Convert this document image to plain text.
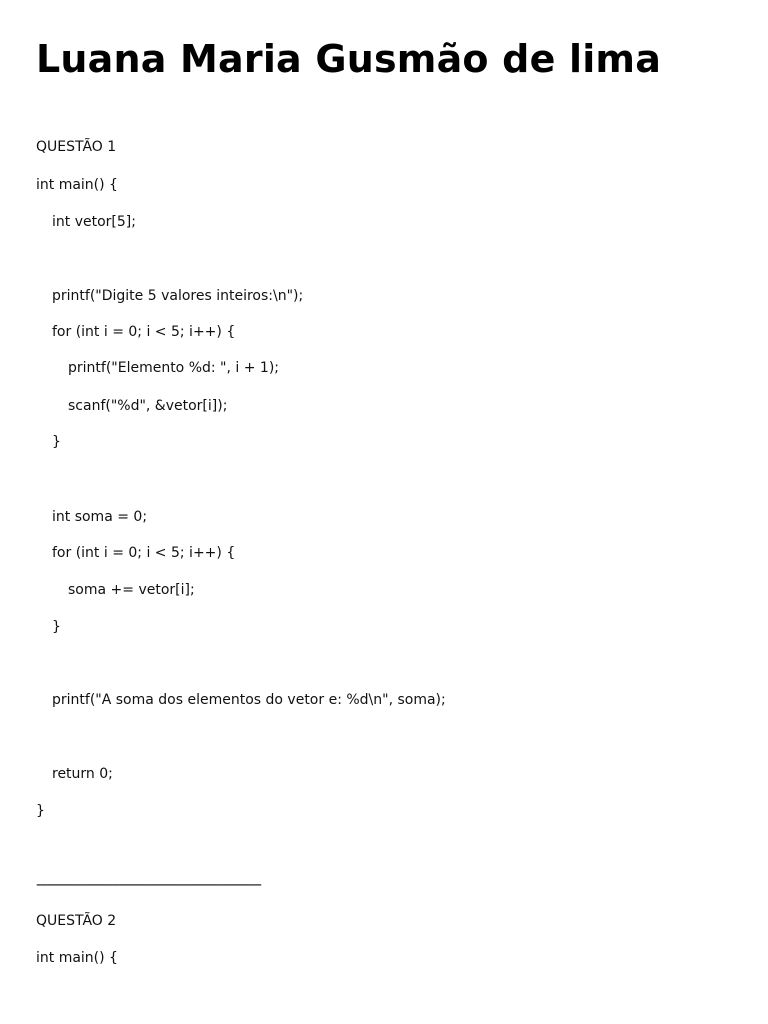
Luana Maria Gusmão de lima
QUESTÃO 1
int main() {
int vetor[5];
printf("Digite 5 valores inteiros:\n");
for (int i = 0; i < 5; i++) {
printf("Elemento %d: ", i + 1);
scanf("%d", &vetor[i]);
}
int soma = 0;
for (int i = 0; i < 5; i++) {
soma += vetor[i];
}
printf("A soma dos elementos do vetor e: %d\n", soma);
return 0;
}
-----------------------------------------------------------------
QUESTÃO 2
int main() {
